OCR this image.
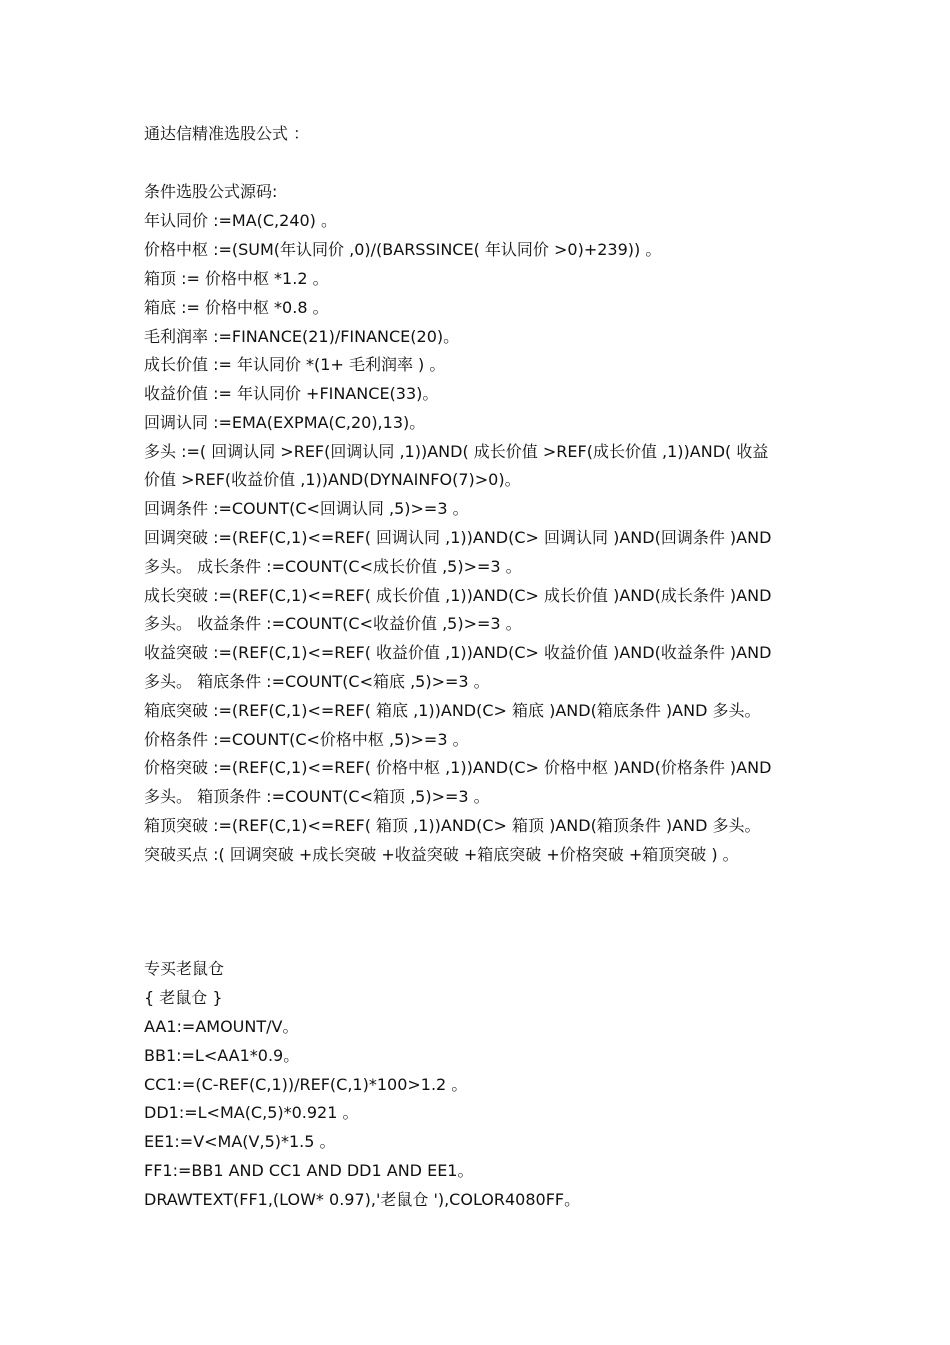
通达信精准选股公式 ：
条件选股公式源码:
年认同价 :=MA(C,240) 。
价格中枢 :=(SUM(年认同价 ,0)/(BARSSINCE( 年认同价 >0)+239)) 。
箱顶 := 价格中枢 *1.2 。
箱底 := 价格中枢 *0.8 。
毛利润率 :=FINANCE(21)/FINANCE(20)。
成长价值 := 年认同价 *(1+ 毛利润率 ) 。
收益价值 := 年认同价 +FINANCE(33)。
回调认同 :=EMA(EXPMA(C,20),13)。
多头 :=( 回调认同 >REF(回调认同 ,1))AND( 成长价值 >REF(成长价值 ,1))AND( 收益
价值 >REF(收益价值 ,1))AND(DYNAINFO(7)>0)。
回调条件 :=COUNT(C<回调认同 ,5)>=3 。
回调突破 :=(REF(C,1)<=REF( 回调认同 ,1))AND(C> 回调认同 )AND(回调条件 )AND
多头。 成长条件 :=COUNT(C<成长价值 ,5)>=3 。
成长突破 :=(REF(C,1)<=REF( 成长价值 ,1))AND(C> 成长价值 )AND(成长条件 )AND
多头。 收益条件 :=COUNT(C<收益价值 ,5)>=3 。
收益突破 :=(REF(C,1)<=REF( 收益价值 ,1))AND(C> 收益价值 )AND(收益条件 )AND
多头。 箱底条件 :=COUNT(C<箱底 ,5)>=3 。
箱底突破 :=(REF(C,1)<=REF( 箱底 ,1))AND(C> 箱底 )AND(箱底条件 )AND 多头。
价格条件 :=COUNT(C<价格中枢 ,5)>=3 。
价格突破 :=(REF(C,1)<=REF( 价格中枢 ,1))AND(C> 价格中枢 )AND(价格条件 )AND
多头。 箱顶条件 :=COUNT(C<箱顶 ,5)>=3 。
箱顶突破 :=(REF(C,1)<=REF( 箱顶 ,1))AND(C> 箱顶 )AND(箱顶条件 )AND 多头。
突破买点 :( 回调突破 +成长突破 +收益突破 +箱底突破 +价格突破 +箱顶突破 ) 。
专买老鼠仓
{ 老鼠仓 }
AA1:=AMOUNT/V。
BB1:=L<AA1*0.9。
CC1:=(C-REF(C,1))/REF(C,1)*100>1.2 。
DD1:=L<MA(C,5)*0.921 。
EE1:=V<MA(V,5)*1.5 。
FF1:=BB1 AND CC1 AND DD1 AND EE1。
DRAWTEXT(FF1,(LOW* 0.97),'老鼠仓 '),COLOR4080FF。
